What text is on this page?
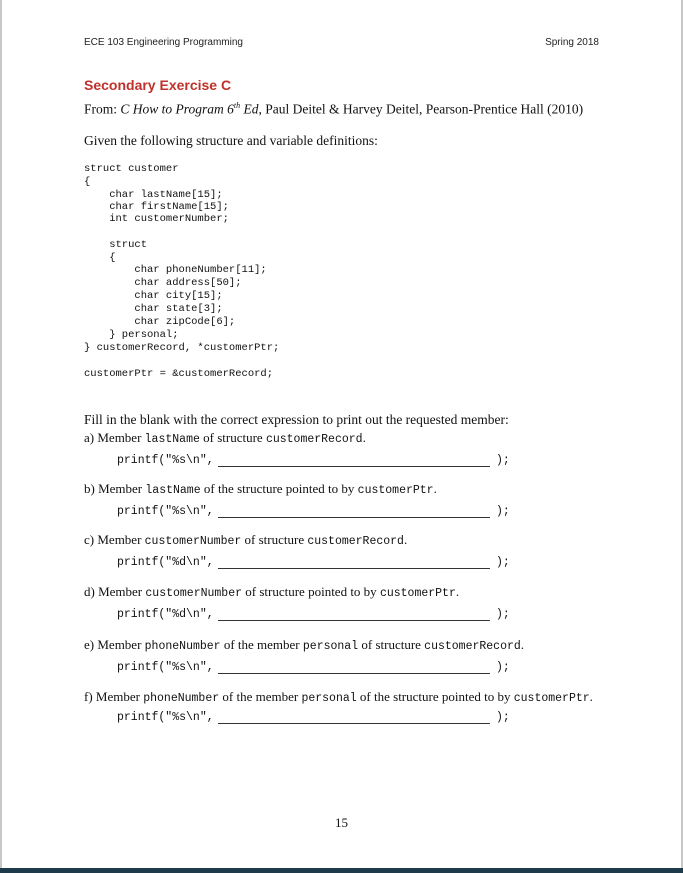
ECE 103 Engineering Programming	Spring 2018
Secondary Exercise C
From: C How to Program 6th Ed, Paul Deitel & Harvey Deitel, Pearson-Prentice Hall (2010)
Given the following structure and variable definitions:
struct customer
{
char lastName[15];
char firstName[15];
int customerNumber;
struct
{
char phoneNumber[11];
char address[50];
char city[15];
char state[3];
char zipCode[6];
} personal;
} customerRecord, *customerPtr;
customerPtr = &customerRecord;
Fill in the blank with the correct expression to print out the requested member:
a) Member lastName of structure customerRecord.
printf("%s\n",	);
b) Member lastName of the structure pointed to by customerPtr.
printf("%s\n",	);
c) Member customerNumber of structure customerRecord.
printf("%d\n",	);
d) Member customerNumber of structure pointed to by customerPtr.
printf("%d\n",	);
e) Member phoneNumber of the member personal of structure customerRecord.
printf("%s\n",	);
f) Member phoneNumber of the member personal of the structure pointed to by customerPtr.
printf("%s\n",	);
15
